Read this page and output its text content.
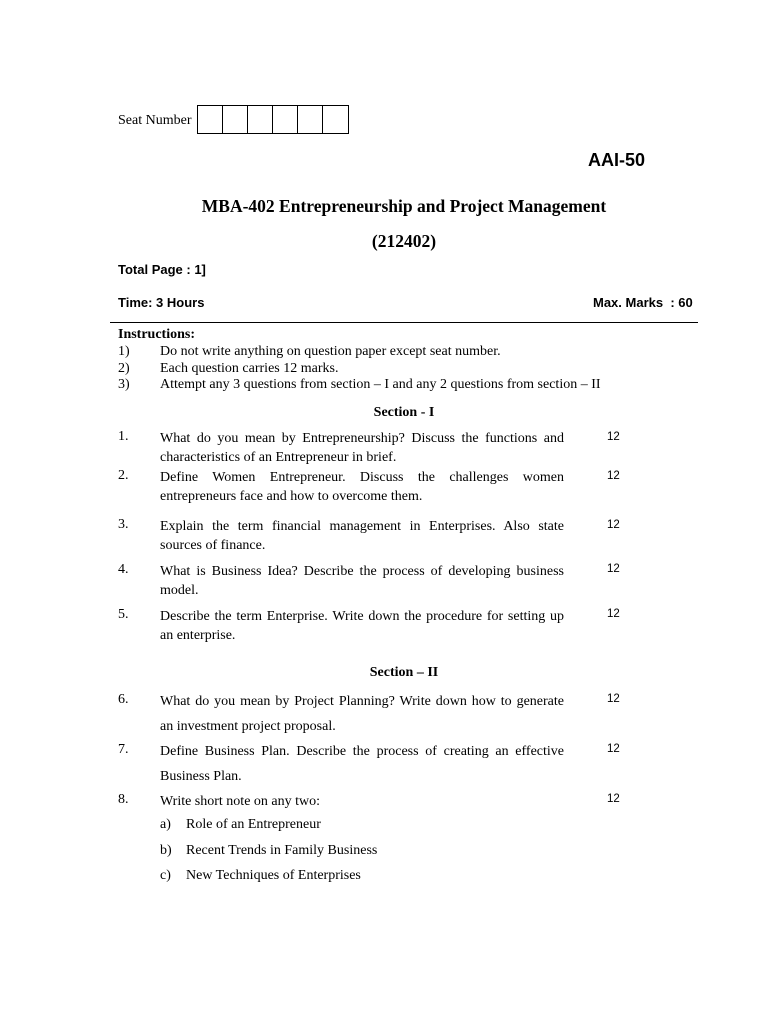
Seat Number
AAI-50
MBA-402 Entrepreneurship and Project Management
(212402)
Total Page : 1]
Time: 3 Hours	Max. Marks  : 60
Instructions:
1) Do not write anything on question paper except seat number.
2) Each question carries 12 marks.
3) Attempt any 3 questions from section – I and any 2 questions from section – II
Section - I
1. What do you mean by Entrepreneurship? Discuss the functions and characteristics of an Entrepreneur in brief.
12
2. Define Women Entrepreneur. Discuss the challenges women entrepreneurs face and how to overcome them.
12
3. Explain the term financial management in Enterprises. Also state sources of finance.
12
4. What is Business Idea? Describe the process of developing business model.
12
5. Describe the term Enterprise. Write down the procedure for setting up an enterprise.
12
Section – II
6. What do you mean by Project Planning? Write down how to generate an investment project proposal.
12
7. Define Business Plan. Describe the process of creating an effective Business Plan.
12
8. Write short note on any two:	12
a) Role of an Entrepreneur
b) Recent Trends in Family Business
c) New Techniques of Enterprises
